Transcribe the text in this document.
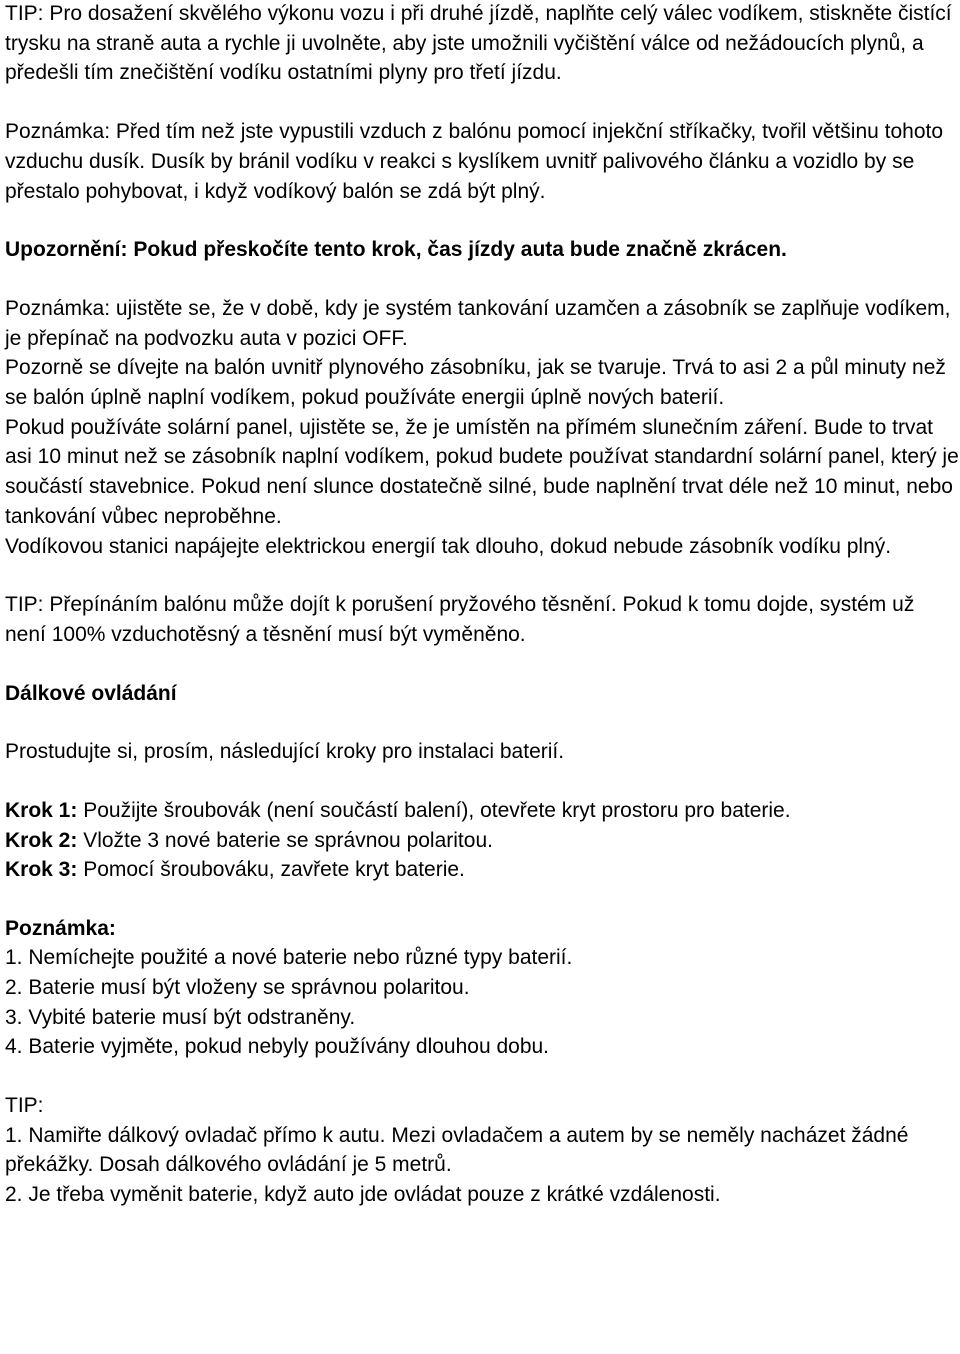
TIP: Pro dosažení skvělého výkonu vozu i při druhé jízdě, naplňte celý válec vodíkem, stiskněte čistící trysku na straně auta a rychle ji uvolněte, aby jste umožnili vyčištění válce od nežádoucích plynů, a předešli tím znečištění vodíku ostatními plyny pro třetí jízdu.

Poznámka: Před tím než jste vypustili vzduch z balónu pomocí injekční stříkačky, tvořil většinu tohoto vzduchu dusík. Dusík by bránil vodíku v reakci s kyslíkem uvnitř palivového článku a vozidlo by se přestalo pohybovat, i když vodíkový balón se zdá být plný.

Upozornění: Pokud přeskočíte tento krok, čas jízdy auta bude značně zkrácen.

Poznámka: ujistěte se, že v době, kdy je systém tankování uzamčen a zásobník se zaplňuje vodíkem, je přepínač na podvozku auta v pozici OFF.

Pozorně se dívejte na balón uvnitř plynového zásobníku, jak se tvaruje. Trvá to asi 2 a půl minuty než se balón úplně naplní vodíkem, pokud používáte energii úplně nových baterií.

Pokud používáte solární panel, ujistěte se, že je umístěn na přímém slunečním záření. Bude to trvat asi 10 minut než se zásobník naplní vodíkem, pokud budete používat standardní solární panel, který je součástí stavebnice. Pokud není slunce dostatečně silné, bude naplnění trvat déle než 10 minut, nebo tankování vůbec neproběhne.

Vodíkovou stanici napájejte elektrickou energií tak dlouho, dokud nebude zásobník vodíku plný.

TIP: Přepínáním balónu může dojít k porušení pryžového těsnění. Pokud k tomu dojde, systém už není 100% vzduchotěsný a těsnění musí být vyměněno.

Dálkové ovládání

Prostudujte si, prosím, následující kroky pro instalaci baterií.

Krok 1: Použijte šroubovák (není součástí balení), otevřete kryt prostoru pro baterie.

Krok 2: Vložte 3 nové baterie se správnou polaritou.

Krok 3: Pomocí šroubováku, zavřete kryt baterie.

Poznámka:

1. Nemíchejte použité a nové baterie nebo různé typy baterií.

2. Baterie musí být vloženy se správnou polaritou.

3. Vybité baterie musí být odstraněny.

4. Baterie vyjměte, pokud nebyly používány dlouhou dobu.

TIP:

1. Namiřte dálkový ovladač přímo k autu. Mezi ovladačem a autem by se neměly nacházet žádné překážky. Dosah dálkového ovládání je 5 metrů.

2. Je třeba vyměnit baterie, když auto jde ovládat pouze z krátké vzdálenosti.
